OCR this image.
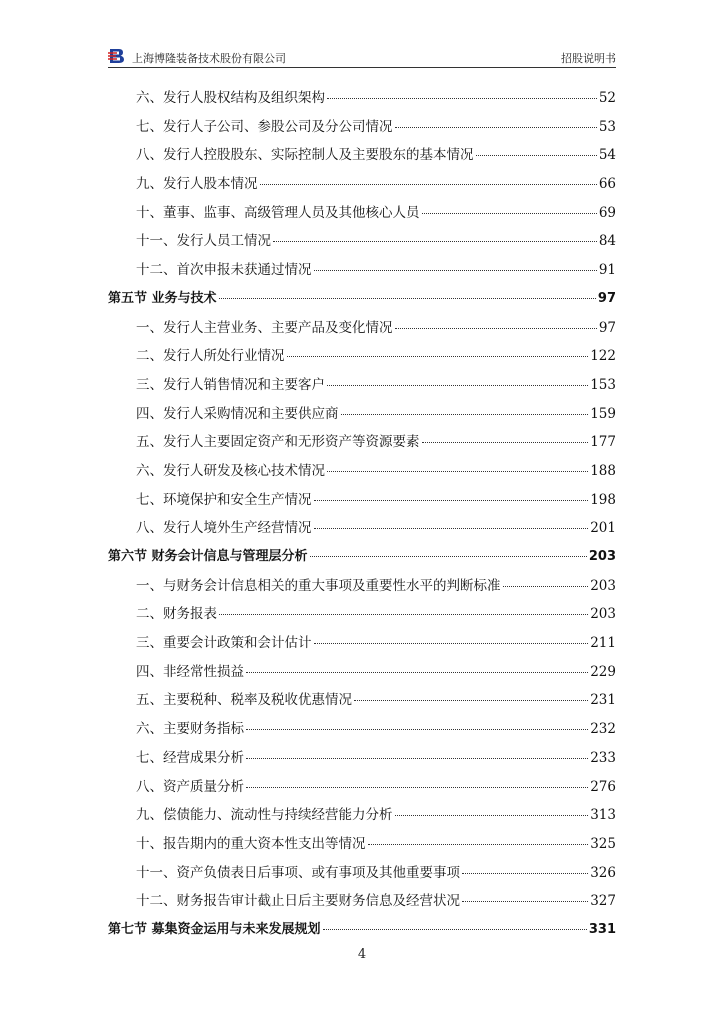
上海博隆装备技术股份有限公司	招股说明书
六、发行人股权结构及组织架构	52
七、发行人子公司、参股公司及分公司情况	53
八、发行人控股股东、实际控制人及主要股东的基本情况	54
九、发行人股本情况	66
十、董事、监事、高级管理人员及其他核心人员	69
十一、发行人员工情况	84
十二、首次申报未获通过情况	91
第五节 业务与技术	97
一、发行人主营业务、主要产品及变化情况	97
二、发行人所处行业情况	122
三、发行人销售情况和主要客户	153
四、发行人采购情况和主要供应商	159
五、发行人主要固定资产和无形资产等资源要素	177
六、发行人研发及核心技术情况	188
七、环境保护和安全生产情况	198
八、发行人境外生产经营情况	201
第六节 财务会计信息与管理层分析	203
一、与财务会计信息相关的重大事项及重要性水平的判断标准	203
二、财务报表	203
三、重要会计政策和会计估计	211
四、非经常性损益	229
五、主要税种、税率及税收优惠情况	231
六、主要财务指标	232
七、经营成果分析	233
八、资产质量分析	276
九、偿债能力、流动性与持续经营能力分析	313
十、报告期内的重大资本性支出等情况	325
十一、资产负债表日后事项、或有事项及其他重要事项	326
十二、财务报告审计截止日后主要财务信息及经营状况	327
第七节 募集资金运用与未来发展规划	331
4
